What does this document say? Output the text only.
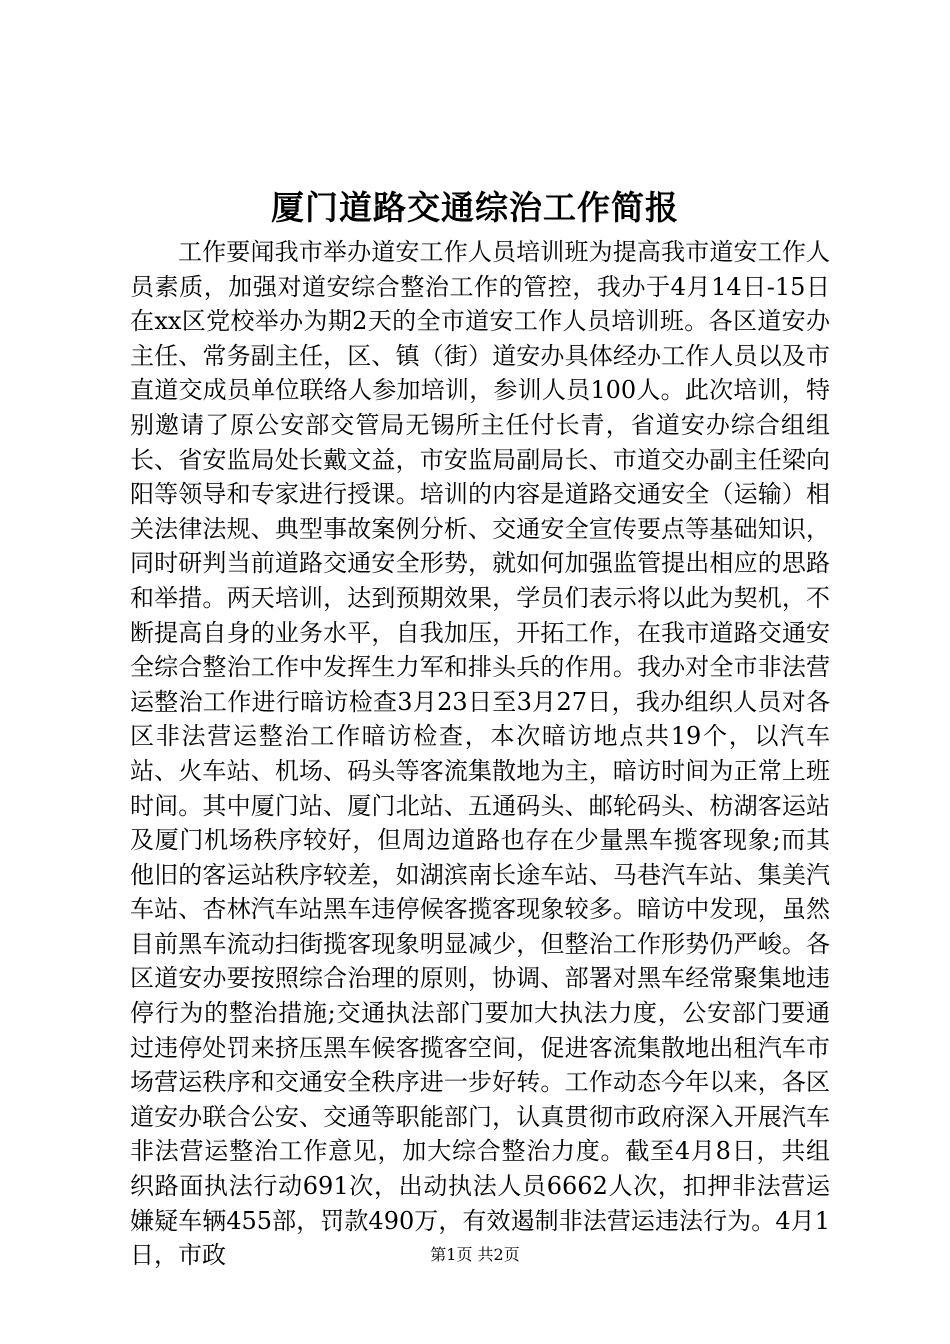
厦门道路交通综治工作简报

工作要闻我市举办道安工作人员培训班为提高我市道安工作人员素质，加强对道安综合整治工作的管控，我办于4月14日-15日在xx区党校举办为期2天的全市道安工作人员培训班。各区道安办主任、常务副主任，区、镇（街）道安办具体经办工作人员以及市直道交成员单位联络人参加培训，参训人员100人。此次培训，特别邀请了原公安部交管局无锡所主任付长青，省道安办综合组组长、省安监局处长戴文益，市安监局副局长、市道交办副主任梁向阳等领导和专家进行授课。培训的内容是道路交通安全（运输）相关法律法规、典型事故案例分析、交通安全宣传要点等基础知识，同时研判当前道路交通安全形势，就如何加强监管提出相应的思路和举措。两天培训，达到预期效果，学员们表示将以此为契机，不断提高自身的业务水平，自我加压，开拓工作，在我市道路交通安全综合整治工作中发挥生力军和排头兵的作用。我办对全市非法营运整治工作进行暗访检查3月23日至3月27日，我办组织人员对各区非法营运整治工作暗访检查，本次暗访地点共19个，以汽车站、火车站、机场、码头等客流集散地为主，暗访时间为正常上班时间。其中厦门站、厦门北站、五通码头、邮轮码头、枋湖客运站及厦门机场秩序较好，但周边道路也存在少量黑车揽客现象;而其他旧的客运站秩序较差，如湖滨南长途车站、马巷汽车站、集美汽车站、杏林汽车站黑车违停候客揽客现象较多。暗访中发现，虽然目前黑车流动扫街揽客现象明显减少，但整治工作形势仍严峻。各区道安办要按照综合治理的原则，协调、部署对黑车经常聚集地违停行为的整治措施;交通执法部门要加大执法力度，公安部门要通过违停处罚来挤压黑车候客揽客空间，促进客流集散地出租汽车市场营运秩序和交通安全秩序进一步好转。工作动态今年以来，各区道安办联合公安、交通等职能部门，认真贯彻市政府深入开展汽车非法营运整治工作意见，加大综合整治力度。截至4月8日，共组织路面执法行动691次，出动执法人员6662人次，扣押非法营运嫌疑车辆455部，罚款490万，有效遏制非法营运违法行为。4月1日，市政	第1页 共2页
